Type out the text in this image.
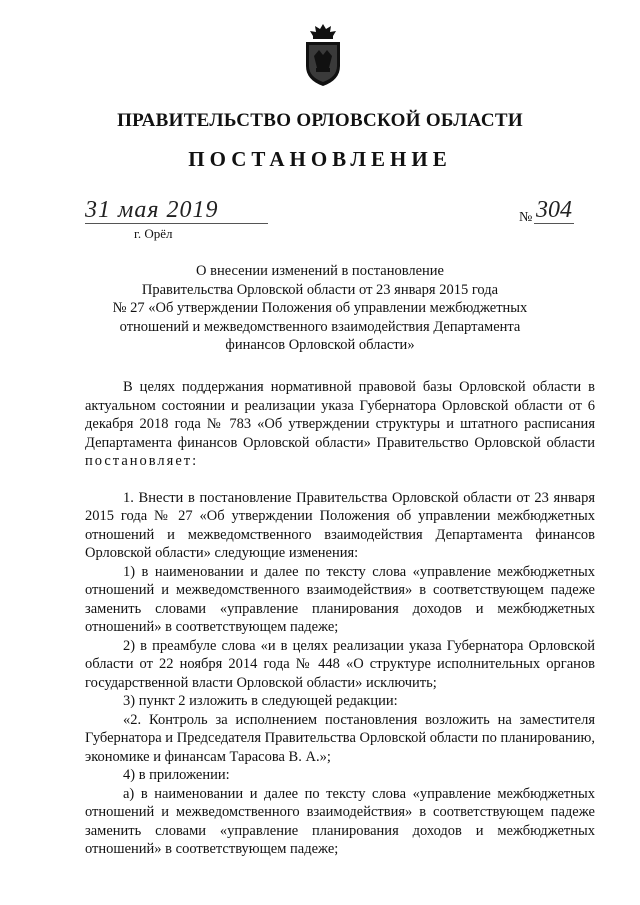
ПРАВИТЕЛЬСТВО ОРЛОВСКОЙ ОБЛАСТИ
ПОСТАНОВЛЕНИЕ
31 мая 2019
г. Орёл
№ 304
О внесении изменений в постановление
Правительства Орловской области от 23 января 2015 года
№ 27 «Об утверждении Положения об управлении межбюджетных
отношений и межведомственного взаимодействия Департамента
финансов Орловской области»

В целях поддержания нормативной правовой базы Орловской области в актуальном состоянии и реализации указа Губернатора Орловской области от 6 декабря 2018 года № 783 «Об утверждении структуры и штатного расписания Департамента финансов Орловской области» Правительство Орловской области постановляет:

1. Внести в постановление Правительства Орловской области от 23 января 2015 года № 27 «Об утверждении Положения об управлении межбюджетных отношений и межведомственного взаимодействия Департамента финансов Орловской области» следующие изменения:

1) в наименовании и далее по тексту слова «управление межбюджетных отношений и межведомственного взаимодействия» в соответствующем падеже заменить словами «управление планирования доходов и межбюджетных отношений» в соответствующем падеже;

2) в преамбуле слова «и в целях реализации указа Губернатора Орловской области от 22 ноября 2014 года № 448 «О структуре исполнительных органов государственной власти Орловской области» исключить;

3) пункт 2 изложить в следующей редакции:

«2. Контроль за исполнением постановления возложить на заместителя Губернатора и Председателя Правительства Орловской области по планированию, экономике и финансам Тарасова В. А.»;

4) в приложении:

а) в наименовании и далее по тексту слова «управление межбюджетных отношений и межведомственного взаимодействия» в соответствующем падеже заменить словами «управление планирования доходов и межбюджетных отношений» в соответствующем падеже;
